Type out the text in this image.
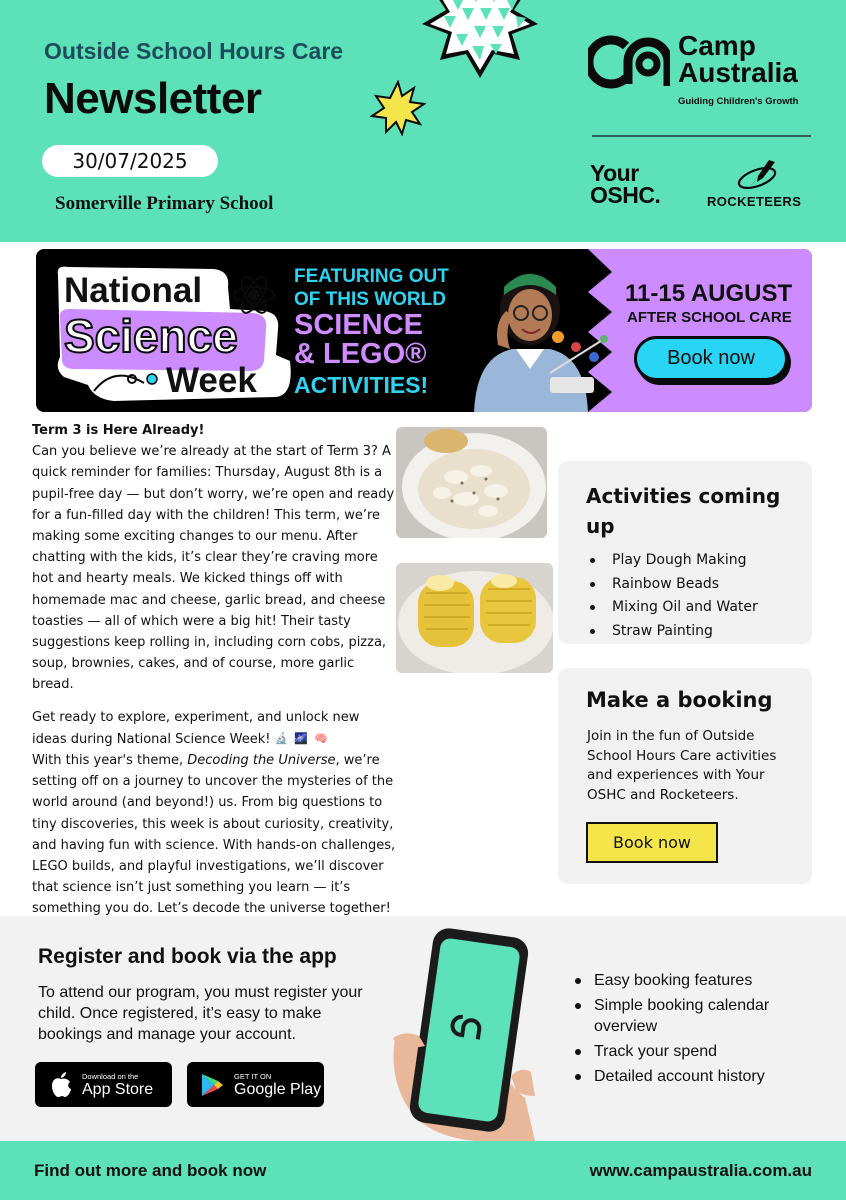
Outside School Hours Care
Newsletter
30/07/2025
Somerville Primary School
Camp
Australia
Guiding Children's Growth
Your
OSHC.	ROCKETEERS
National
Science
Week
FEATURING OUT
OF THIS WORLD
SCIENCE
& LEGO®
ACTIVITIES!
11-15 AUGUST
AFTER SCHOOL CARE
Book now

Term 3 is Here Already!

Can you believe we’re already at the start of Term 3? A quick reminder for families: Thursday, August 8th is a pupil-free day — but don’t worry, we’re open and ready for a fun-filled day with the children! This term, we’re making some exciting changes to our menu. After chatting with the kids, it’s clear they’re craving more hot and hearty meals. We kicked things off with homemade mac and cheese, garlic bread, and cheese toasties — all of which were a big hit! Their tasty suggestions keep rolling in, including corn cobs, pizza, soup, brownies, cakes, and of course, more garlic bread.

Get ready to explore, experiment, and unlock new ideas during National Science Week! 🔬 🌌 🧠

With this year's theme, Decoding the Universe, we’re setting off on a journey to uncover the mysteries of the world around (and beyond!) us. From big questions to tiny discoveries, this week is about curiosity, creativity, and having fun with science. With hands-on challenges, LEGO builds, and playful investigations, we’ll discover that science isn’t just something you learn — it’s something you do. Let’s decode the universe together!

Activities coming up
Play Dough Making
Rainbow Beads
Mixing Oil and Water
Straw Painting
Make a booking
Join in the fun of Outside School Hours Care activities and experiences with Your OSHC and Rocketeers.
Book now
Register and book via the app
To attend our program, you must register your child. Once registered, it’s easy to make bookings and manage your account.
Download on the
App Store
GET IT ON
Google Play
Easy booking features
Simple booking calendar overview
Track your spend
Detailed account history
Find out more and book now	www.campaustralia.com.au
